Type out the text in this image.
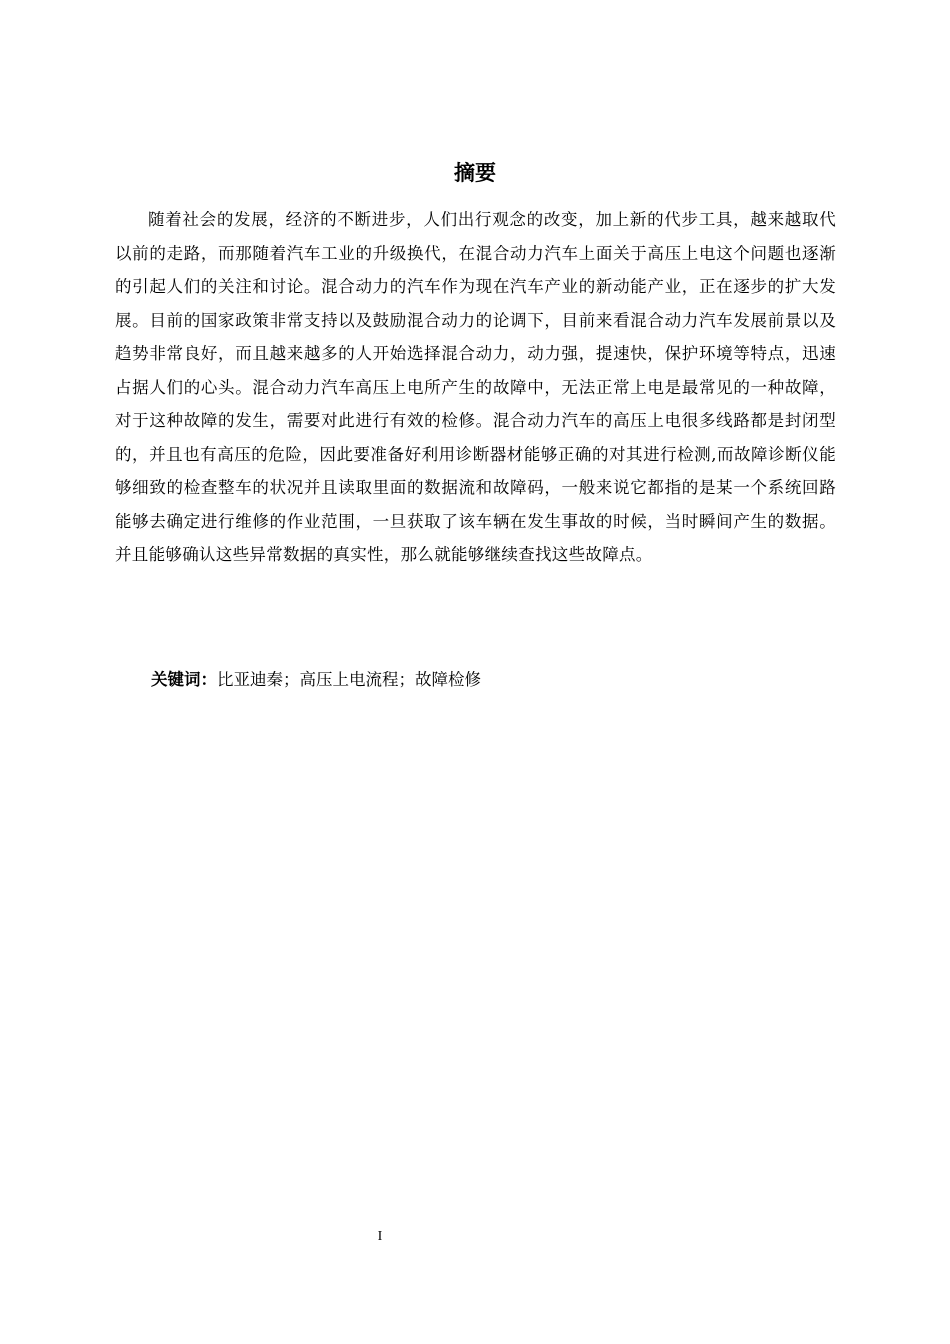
摘要

随着社会的发展，经济的不断进步，人们出行观念的改变，加上新的代步工具，越来越取代以前的走路，而那随着汽车工业的升级换代，在混合动力汽车上面关于高压上电这个问题也逐渐的引起人们的关注和讨论。混合动力的汽车作为现在汽车产业的新动能产业，正在逐步的扩大发展。目前的国家政策非常支持以及鼓励混合动力的论调下，目前来看混合动力汽车发展前景以及趋势非常良好，而且越来越多的人开始选择混合动力，动力强，提速快，保护环境等特点，迅速占据人们的心头。混合动力汽车高压上电所产生的故障中，无法正常上电是最常见的一种故障，对于这种故障的发生，需要对此进行有效的检修。混合动力汽车的高压上电很多线路都是封闭型的，并且也有高压的危险，因此要准备好利用诊断器材能够正确的对其进行检测,而故障诊断仪能够细致的检查整车的状况并且读取里面的数据流和故障码，一般来说它都指的是某一个系统回路能够去确定进行维修的作业范围，一旦获取了该车辆在发生事故的时候，当时瞬间产生的数据。并且能够确认这些异常数据的真实性，那么就能够继续查找这些故障点。

关键词：比亚迪秦；高压上电流程；故障检修
I
